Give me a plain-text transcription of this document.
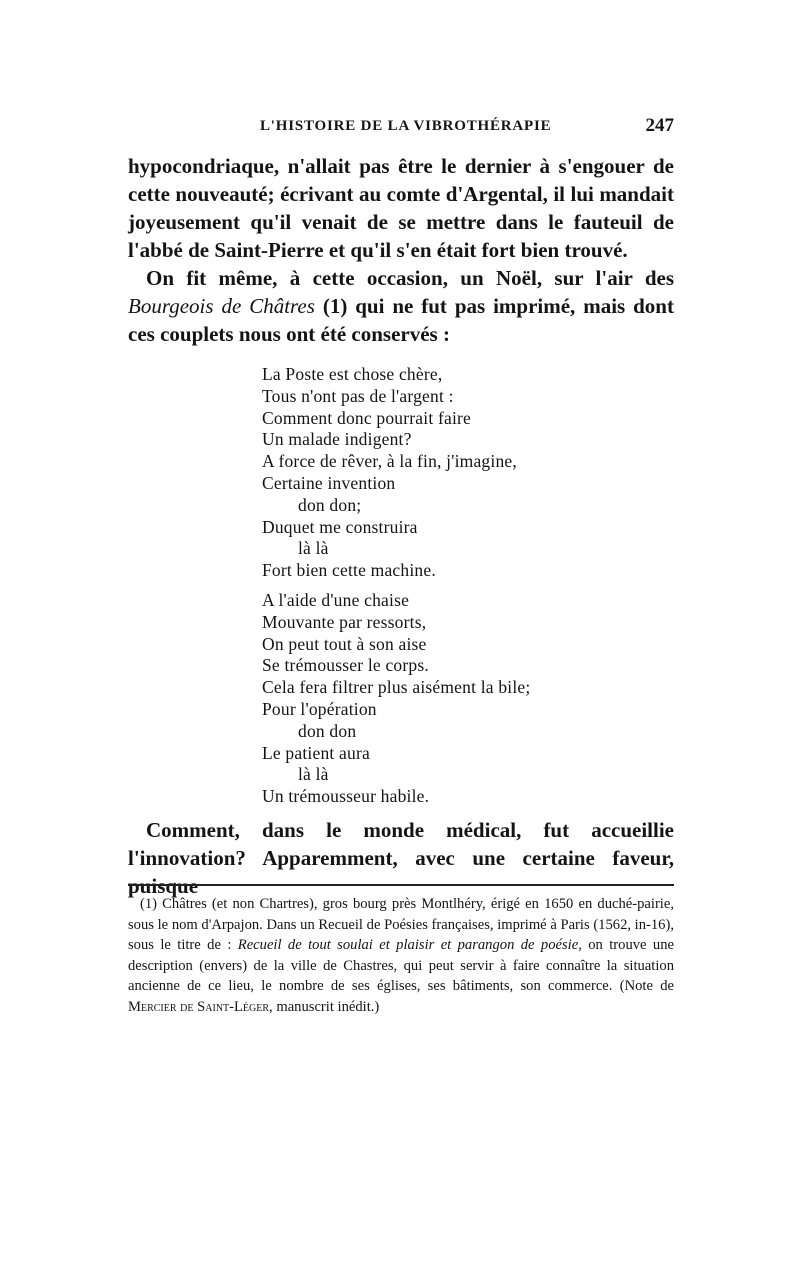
L'HISTOIRE DE LA VIBROTHÉRAPIE	247

hypocondriaque, n'allait pas être le dernier à s'engouer de cette nouveauté; écrivant au comte d'Argental, il lui mandait joyeusement qu'il venait de se mettre dans le fauteuil de l'abbé de Saint-Pierre et qu'il s'en était fort bien trouvé.

On fit même, à cette occasion, un Noël, sur l'air des Bourgeois de Châtres (1) qui ne fut pas imprimé, mais dont ces couplets nous ont été conservés :

La Poste est chose chère,
Tous n'ont pas de l'argent :
Comment donc pourrait faire
Un malade indigent?
A force de rêver, à la fin, j'imagine,
Certaine invention
don don;
Duquet me construira
là là
Fort bien cette machine.
A l'aide d'une chaise
Mouvante par ressorts,
On peut tout à son aise
Se trémousser le corps.
Cela fera filtrer plus aisément la bile;
Pour l'opération
don don
Le patient aura
là là
Un trémousseur habile.

Comment, dans le monde médical, fut accueillie l'innovation? Apparemment, avec une certaine faveur, puisque

(1) Châtres (et non Chartres), gros bourg près Montlhéry, érigé en 1650 en duché-pairie, sous le nom d'Arpajon. Dans un Recueil de Poésies françaises, imprimé à Paris (1562, in-16), sous le titre de : Recueil de tout soulai et plaisir et parangon de poésie, on trouve une description (envers) de la ville de Chastres, qui peut servir à faire connaître la situation ancienne de ce lieu, le nombre de ses églises, ses bâtiments, son commerce. (Note de Mercier de Saint-Léger, manuscrit inédit.)
